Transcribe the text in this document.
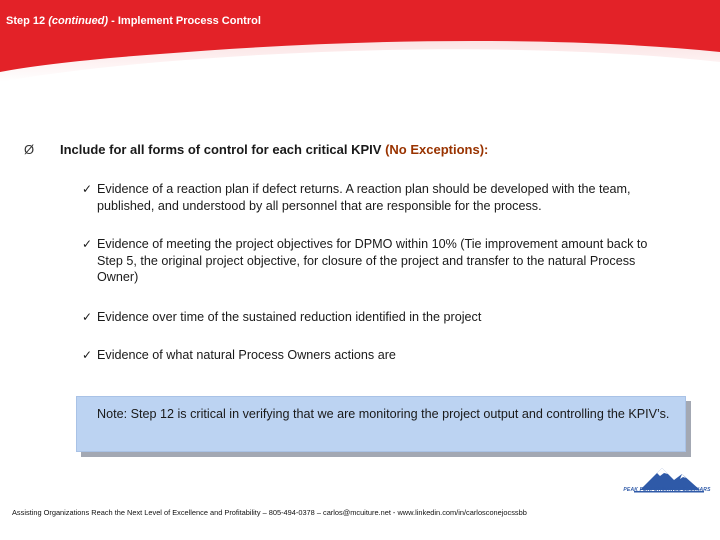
Step 12 (continued) - Implement Process Control
Ø Include for all forms of control for each critical KPIV (No Exceptions):
✓ Evidence of a reaction plan if defect returns. A reaction plan should be developed with the team, published, and understood by all personnel that are responsible for the process.
✓ Evidence of meeting the project objectives for DPMO within 10% (Tie improvement amount back to Step 5, the original project objective, for closure of the project and transfer to the natural Process Owner)
✓ Evidence over time of the sustained reduction identified in the project
✓ Evidence of what natural Process Owners actions are
Note: Step 12 is critical in verifying that we are monitoring the project output and controlling the KPIV’s.
PEAK PERFORMANCE SEMINARS
Assisting Organizations Reach the Next Level of Excellence and Profitability – 805-494-0378 – carlos@mcuiture.net - www.linkedin.com/in/carlosconejocssbb
